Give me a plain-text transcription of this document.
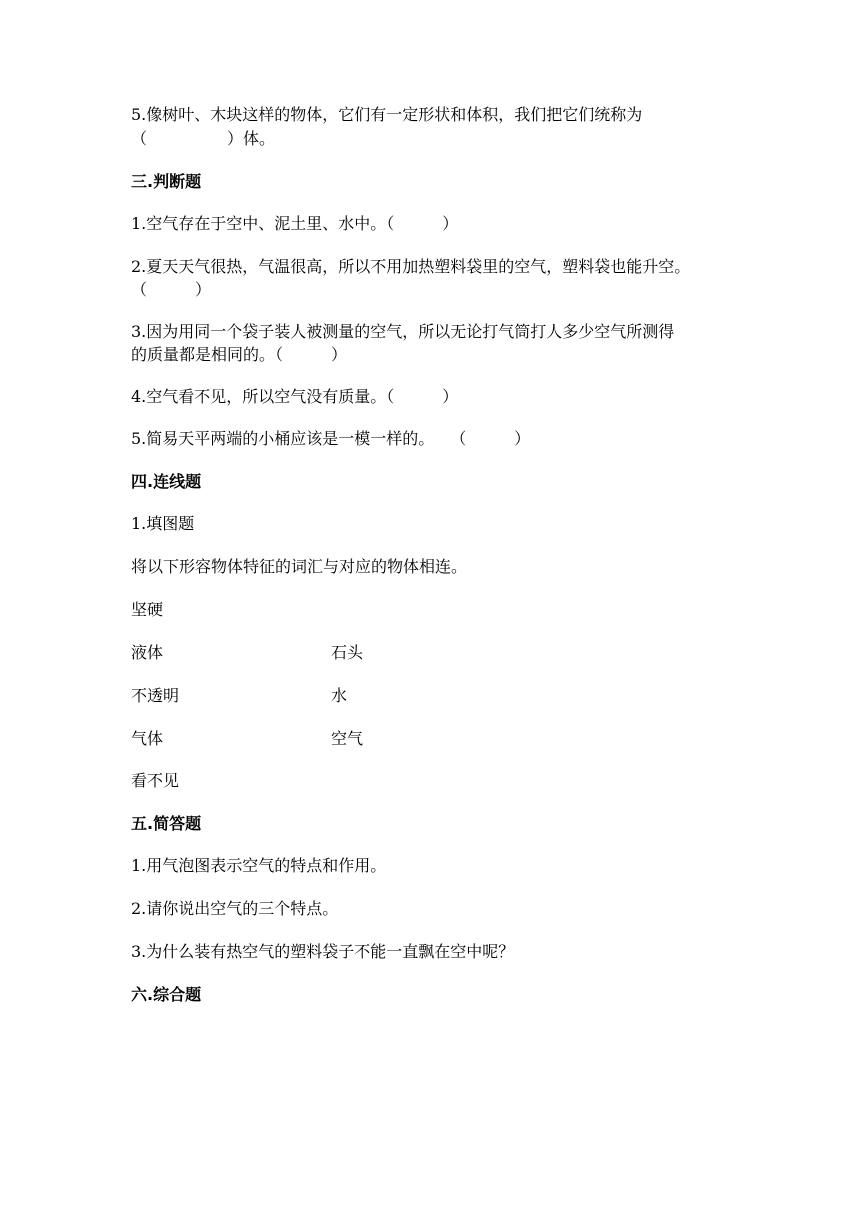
5.像树叶、木块这样的物体，它们有一定形状和体积，我们把它们统称为
（　　　　　）体。
三.判断题
1.空气存在于空中、泥土里、水中。（　　　）
2.夏天天气很热，气温很高，所以不用加热塑料袋里的空气，塑料袋也能升空。
（　　　）
3.因为用同一个袋子装人被测量的空气，所以无论打气筒打人多少空气所测得
的质量都是相同的。（　　　）
4.空气看不见，所以空气没有质量。（　　　）
5.简易天平两端的小桶应该是一模一样的。　　（　　　）
四.连线题
1.填图题
将以下形容物体特征的词汇与对应的物体相连。
坚硬
液体	石头
不透明	水
气体	空气
看不见
五.简答题
1.用气泡图表示空气的特点和作用。
2.请你说出空气的三个特点。
3.为什么装有热空气的塑料袋子不能一直飘在空中呢？
六.综合题
